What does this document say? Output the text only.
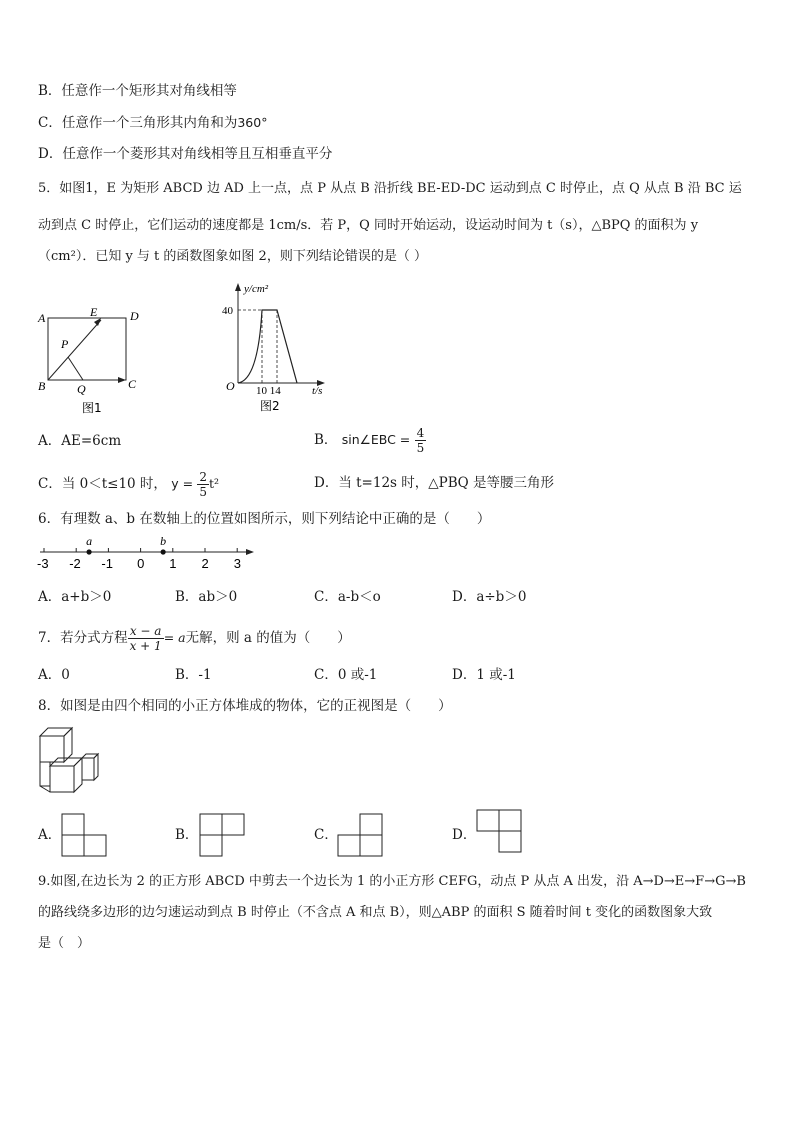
B．任意作一个矩形其对角线相等
C．任意作一个三角形其内角和为360°
D．任意作一个菱形其对角线相等且互相垂直平分
5．如图1，E 为矩形 ABCD 边 AD 上一点，点 P 从点 B 沿折线 BE-ED-DC 运动到点 C 时停止，点 Q 从点 B 沿 BC 运
动到点 C 时停止，它们运动的速度都是 1cm/s．若 P，Q 同时开始运动，设运动时间为 t（s），△BPQ 的面积为 y
（cm²）．已知 y 与 t 的函数图象如图 2，则下列结论错误的是（ ）
A	E	D
P
B	Q	C
图1
y/cm²
40
O 10 14	t/s
图2
A．AE=6cm	B． sin∠EBC = $\frac{4}{5}$
C．当 0＜t≤10 时， $y = \frac{2}{5} t^2$	D．当 t=12s 时，△PBQ 是等腰三角形
6．有理数 a、b 在数轴上的位置如图所示，则下列结论中正确的是（　　）
-3 -2 -1 0 1 2 3
a	b
A．a+b＞0	B．ab＞0	C．a-b＜o	D．a÷b＞0
7．若分式方程 $\frac{x - a}{x + 1} = a$无解，则 a 的值为（　　）
A．0	B．-1	C．0 或-1	D．1 或-1
8．如图是由四个相同的小正方体堆成的物体，它的正视图是（　　）
A．	B．	C．	D．
9.如图,在边长为 2 的正方形 ABCD 中剪去一个边长为 1 的小正方形 CEFG，动点 P 从点 A 出发，沿 A→D→E→F→G→B
的路线绕多边形的边匀速运动到点 B 时停止（不含点 A 和点 B），则△ABP 的面积 S 随着时间 t 变化的函数图象大致
是（　）
